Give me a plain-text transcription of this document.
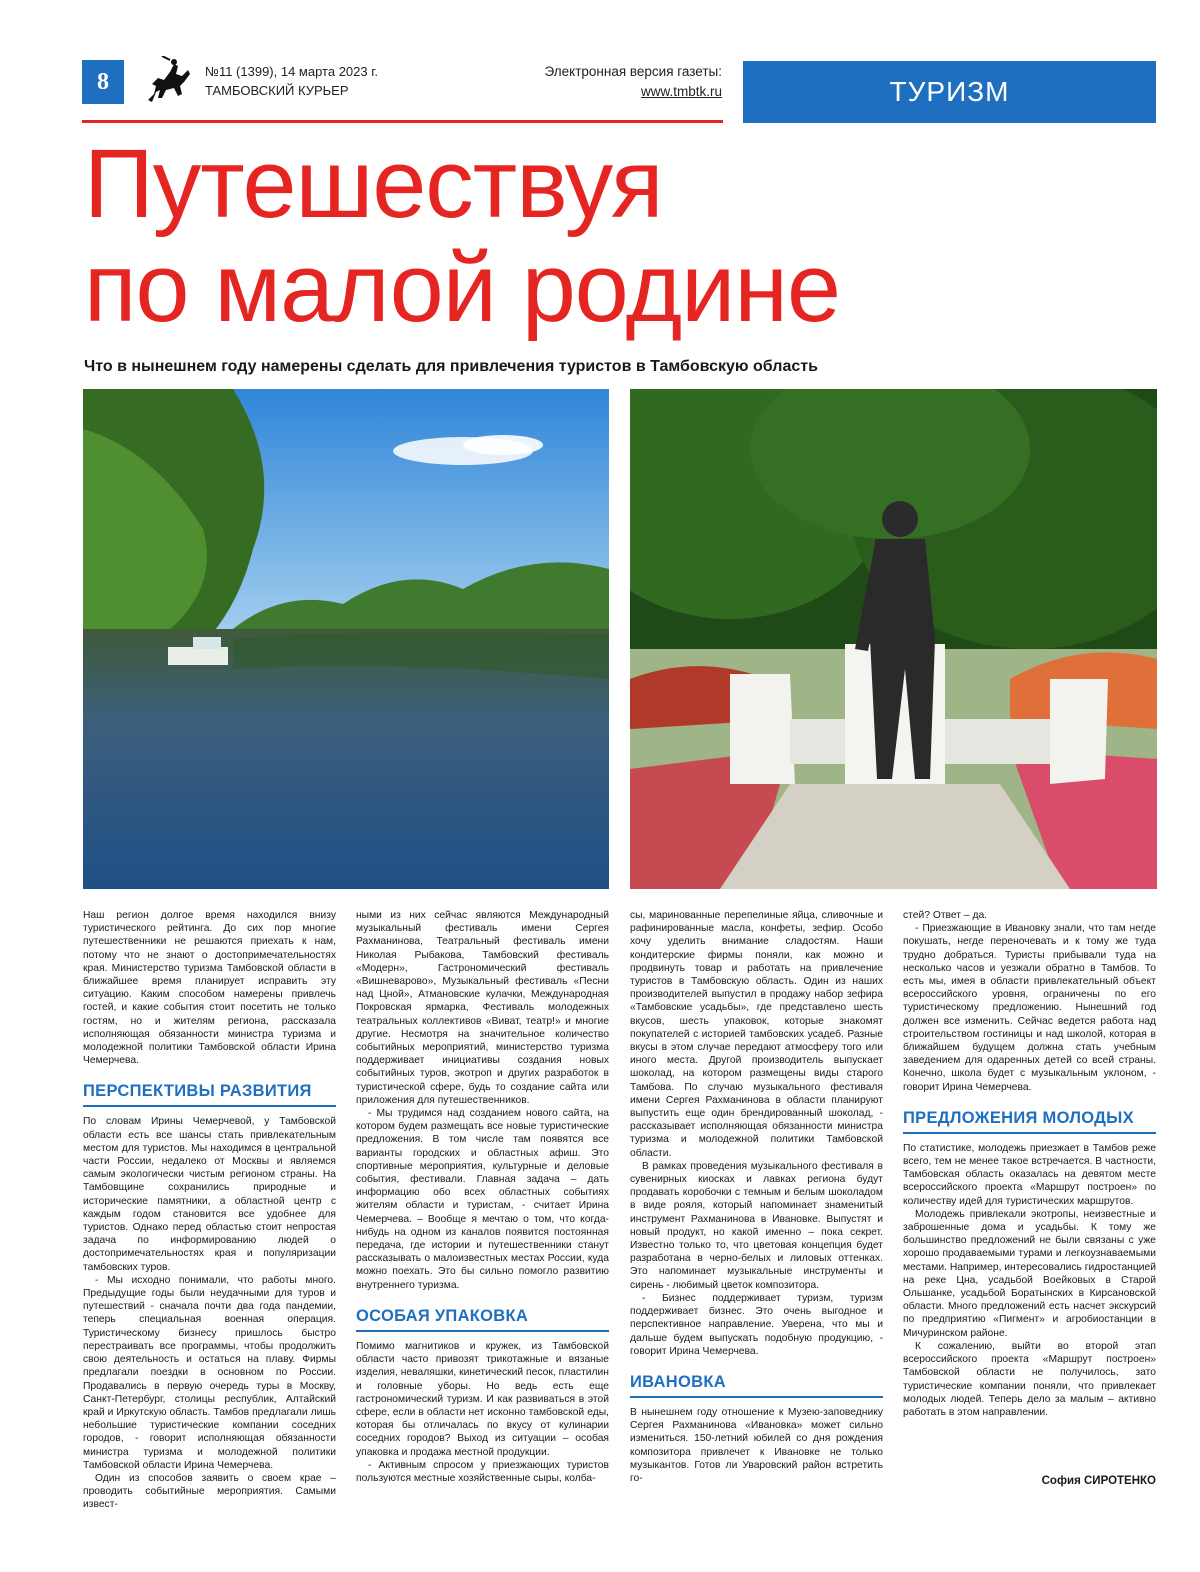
8	№11 (1399), 14 марта 2023 г.
ТАМБОВСКИЙ КУРЬЕР
Электронная версия газеты:
www.tmbtk.ru	ТУРИЗМ
Путешествуя
по малой родине
Что в нынешнем году намерены сделать для привлечения туристов в Тамбовскую область

Наш регион долгое время находился внизу туристического рейтинга. До сих пор многие путешественники не решаются приехать к нам, потому что не знают о достопримечательностях края. Министерство туризма Тамбовской области в ближайшее время планирует исправить эту ситуацию. Каким способом намерены привлечь гостей, и какие события стоит посетить не только гостям, но и жителям региона, рассказала исполняющая обязанности министра туризма и молодежной политики Тамбовской области Ирина Чемерчева.

ПЕРСПЕКТИВЫ РАЗВИТИЯ

По словам Ирины Чемерчевой, у Тамбовской области есть все шансы стать привлекательным местом для туристов. Мы находимся в центральной части России, недалеко от Москвы и являемся самым экологически чистым регионом страны. На Тамбовщине сохранились природные и исторические памятники, а областной центр с каждым годом становится все удобнее для туристов. Однако перед областью стоит непростая задача по информированию людей о достопримечательностях края и популяризации тамбовских туров.

- Мы исходно понимали, что работы много. Предыдущие годы были неудачными для туров и путешествий - сначала почти два года пандемии, теперь специальная военная операция. Туристическому бизнесу пришлось быстро перестраивать все программы, чтобы продолжить свою деятельность и остаться на плаву. Фирмы предлагали поездки в основном по России. Продавались в первую очередь туры в Москву, Санкт-Петербург, столицы республик, Алтайский край и Иркутскую область. Тамбов предлагали лишь небольшие туристические компании соседних городов, - говорит исполняющая обязанности министра туризма и молодежной политики Тамбовской области Ирина Чемерчева.

Один из способов заявить о своем крае – проводить событийные мероприятия. Самыми извест-

ными из них сейчас являются Международный музыкальный фестиваль имени Сергея Рахманинова, Театральный фестиваль имени Николая Рыбакова, Тамбовский фестиваль «Модерн», Гастрономический фестиваль «Вишневарово», Музыкальный фестиваль «Песни над Цной», Атмановские кулачки, Международная Покровская ярмарка, Фестиваль молодежных театральных коллективов «Виват, театр!» и многие другие. Несмотря на значительное количество событийных мероприятий, министерство туризма поддерживает инициативы создания новых событийных туров, экотроп и других разработок в туристической сфере, будь то создание сайта или приложения для путешественников.

- Мы трудимся над созданием нового сайта, на котором будем размещать все новые туристические предложения. В том числе там появятся все варианты городских и областных афиш. Это спортивные мероприятия, культурные и деловые события, фестивали. Главная задача – дать информацию обо всех областных событиях жителям области и туристам, - считает Ирина Чемерчева. – Вообще я мечтаю о том, что когда-нибудь на одном из каналов появится постоянная передача, где истории и путешественники станут рассказывать о малоизвестных местах России, куда можно поехать. Это бы сильно помогло развитию внутреннего туризма.

ОСОБАЯ УПАКОВКА

Помимо магнитиков и кружек, из Тамбовской области часто привозят трикотажные и вязаные изделия, неваляшки, кинетический песок, пластилин и головные уборы. Но ведь есть еще гастрономический туризм. И как развиваться в этой сфере, если в области нет исконно тамбовской еды, которая бы отличалась по вкусу от кулинарии соседних городов? Выход из ситуации – особая упаковка и продажа местной продукции.

- Активным спросом у приезжающих туристов пользуются местные хозяйственные сыры, колба-

сы, маринованные перепелиные яйца, сливочные и рафинированные масла, конфеты, зефир. Особо хочу уделить внимание сладостям. Наши кондитерские фирмы поняли, как можно и продвинуть товар и работать на привлечение туристов в Тамбовскую область. Один из наших производителей выпустил в продажу набор зефира «Тамбовские усадьбы», где представлено шесть вкусов, шесть упаковок, которые знакомят покупателей с историей тамбовских усадеб. Разные вкусы в этом случае передают атмосферу того или иного места. Другой производитель выпускает шоколад, на котором размещены виды старого Тамбова. По случаю музыкального фестиваля имени Сергея Рахманинова в области планируют выпустить еще один брендированный шоколад, - рассказывает исполняющая обязанности министра туризма и молодежной политики Тамбовской области.

В рамках проведения музыкального фестиваля в сувенирных киосках и лавках региона будут продавать коробочки с темным и белым шоколадом в виде рояля, который напоминает знаменитый инструмент Рахманинова в Ивановке. Выпустят и новый продукт, но какой именно – пока секрет. Известно только то, что цветовая концепция будет разработана в черно-белых и лиловых оттенках. Это напоминает музыкальные инструменты и сирень - любимый цветок композитора.

- Бизнес поддерживает туризм, туризм поддерживает бизнес. Это очень выгодное и перспективное направление. Уверена, что мы и дальше будем выпускать подобную продукцию, - говорит Ирина Чемерчева.

ИВАНОВКА

В нынешнем году отношение к Музею-заповеднику Сергея Рахманинова «Ивановка» может сильно измениться. 150-летний юбилей со дня рождения композитора привлечет к Ивановке не только музыкантов. Готов ли Уваровский район встретить го-

стей? Ответ – да.

- Приезжающие в Ивановку знали, что там негде покушать, негде переночевать и к тому же туда трудно добраться. Туристы прибывали туда на несколько часов и уезжали обратно в Тамбов. То есть мы, имея в области привлекательный объект всероссийского уровня, ограничены по его туристическому предложению. Нынешний год должен все изменить. Сейчас ведется работа над строительством гостиницы и над школой, которая в ближайшем будущем должна стать учебным заведением для одаренных детей со всей страны. Конечно, школа будет с музыкальным уклоном, - говорит Ирина Чемерчева.

ПРЕДЛОЖЕНИЯ МОЛОДЫХ

По статистике, молодежь приезжает в Тамбов реже всего, тем не менее такое встречается. В частности, Тамбовская область оказалась на девятом месте всероссийского проекта «Маршрут построен» по количеству идей для туристических маршрутов.

Молодежь привлекали экотропы, неизвестные и заброшенные дома и усадьбы. К тому же большинство предложений не были связаны с уже хорошо продаваемыми турами и легкоузнаваемыми местами. Например, интересовались гидростанцией на реке Цна, усадьбой Воейковых в Старой Ольшанке, усадьбой Боратынских в Кирсановской области. Много предложений есть насчет экскурсий по предприятию «Пигмент» и агробиостанции в Мичуринском районе.

К сожалению, выйти во второй этап всероссийского проекта «Маршрут построен» Тамбовской области не получилось, зато туристические компании поняли, что привлекает молодых людей. Теперь дело за малым – активно работать в этом направлении.

София СИРОТЕНКО
